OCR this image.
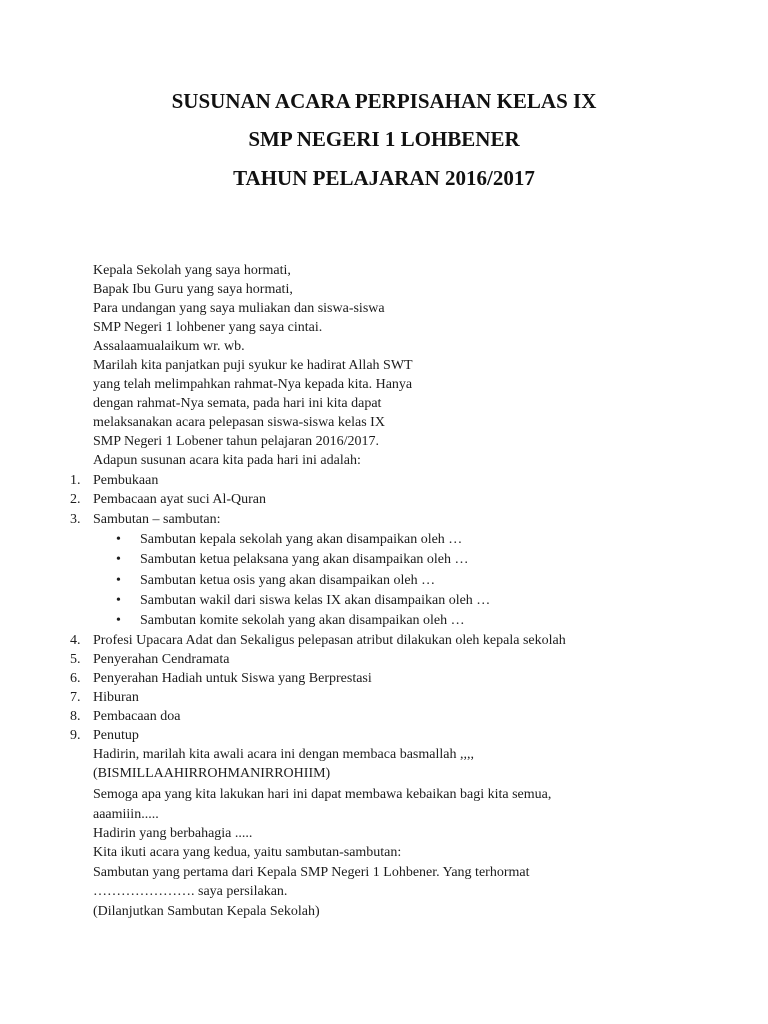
SUSUNAN ACARA PERPISAHAN KELAS IX
SMP NEGERI 1 LOHBENER
TAHUN PELAJARAN 2016/2017
Kepala Sekolah yang saya hormati,
Bapak Ibu Guru yang saya hormati,
Para undangan yang saya muliakan dan siswa-siswa
SMP Negeri 1 lohbener yang saya cintai.
Assalaamualaikum wr. wb.
Marilah kita panjatkan puji syukur ke hadirat Allah SWT
yang telah melimpahkan rahmat-Nya kepada kita. Hanya
dengan rahmat-Nya semata, pada hari ini kita dapat
melaksanakan acara pelepasan siswa-siswa kelas IX
SMP Negeri 1 Lobener tahun pelajaran 2016/2017.
Adapun susunan acara kita pada hari ini adalah:
1. Pembukaan
2. Pembacaan ayat suci Al-Quran
3. Sambutan – sambutan:
• Sambutan kepala sekolah yang akan disampaikan oleh …
• Sambutan ketua pelaksana yang akan disampaikan oleh …
• Sambutan ketua osis yang akan disampaikan oleh …
• Sambutan wakil dari siswa kelas IX akan disampaikan oleh …
• Sambutan komite sekolah yang akan disampaikan oleh …
4. Profesi Upacara Adat dan Sekaligus pelepasan atribut dilakukan oleh kepala sekolah
5. Penyerahan Cendramata
6. Penyerahan Hadiah untuk Siswa yang Berprestasi
7. Hiburan
8. Pembacaan doa
9. Penutup
Hadirin, marilah kita awali acara ini dengan membaca basmallah ,,,,
(BISMILLAAHIRROHMANIRROHIIM)
Semoga apa yang kita lakukan hari ini dapat membawa kebaikan bagi kita semua,
aaamiiin.....
Hadirin yang berbahagia .....
Kita ikuti acara yang kedua, yaitu sambutan-sambutan:
Sambutan yang pertama dari Kepala SMP Negeri 1 Lohbener. Yang terhormat
…………………. saya persilakan.
(Dilanjutkan Sambutan Kepala Sekolah)
